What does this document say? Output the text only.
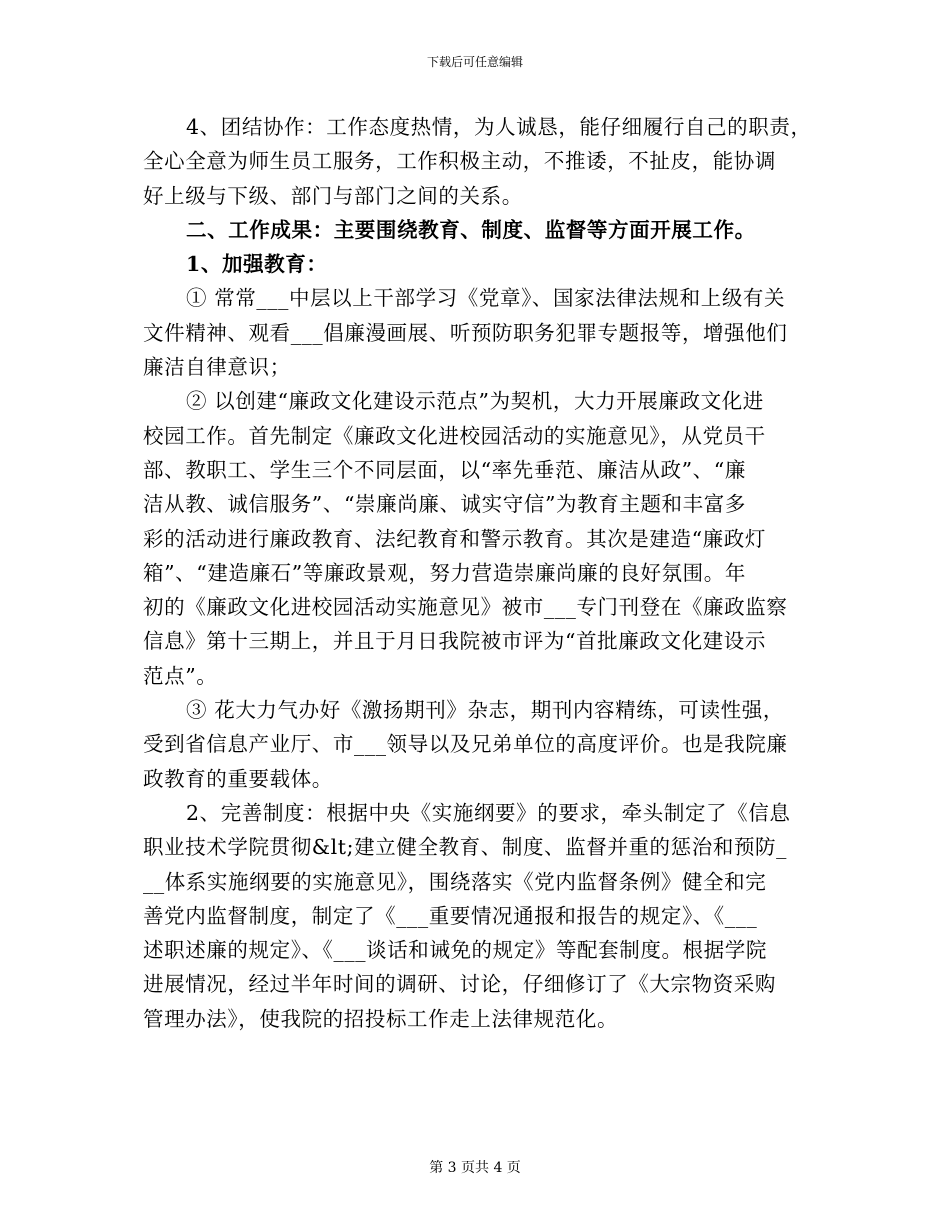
下载后可任意编辑
4、团结协作：工作态度热情，为人诚恳，能仔细履行自己的职责，
全心全意为师生员工服务，工作积极主动，不推诿，不扯皮，能协调
好上级与下级、部门与部门之间的关系。
二、工作成果：主要围绕教育、制度、监督等方面开展工作。
1、加强教育：
① 常常___中层以上干部学习《党章》、国家法律法规和上级有关
文件精神、观看___倡廉漫画展、听预防职务犯罪专题报等，增强他们
廉洁自律意识；
② 以创建“廉政文化建设示范点”为契机，大力开展廉政文化进
校园工作。首先制定《廉政文化进校园活动的实施意见》，从党员干
部、教职工、学生三个不同层面，以“率先垂范、廉洁从政”、“廉
洁从教、诚信服务”、“崇廉尚廉、诚实守信”为教育主题和丰富多
彩的活动进行廉政教育、法纪教育和警示教育。其次是建造“廉政灯
箱”、“建造廉石”等廉政景观，努力营造崇廉尚廉的良好氛围。年
初的《廉政文化进校园活动实施意见》被市___专门刊登在《廉政监察
信息》第十三期上，并且于月日我院被市评为“首批廉政文化建设示
范点”。
③ 花大力气办好《激扬期刊》杂志，期刊内容精练，可读性强，
受到省信息产业厅、市___领导以及兄弟单位的高度评价。也是我院廉
政教育的重要载体。
2、完善制度：根据中央《实施纲要》的要求，牵头制定了《信息
职业技术学院贯彻&lt;建立健全教育、制度、监督并重的惩治和预防_
__体系实施纲要的实施意见》，围绕落实《党内监督条例》健全和完
善党内监督制度，制定了《___重要情况通报和报告的规定》、《___
述职述廉的规定》、《___谈话和诫免的规定》等配套制度。根据学院
进展情况，经过半年时间的调研、讨论，仔细修订了《大宗物资采购
管理办法》，使我院的招投标工作走上法律规范化。
第 3 页共 4 页
